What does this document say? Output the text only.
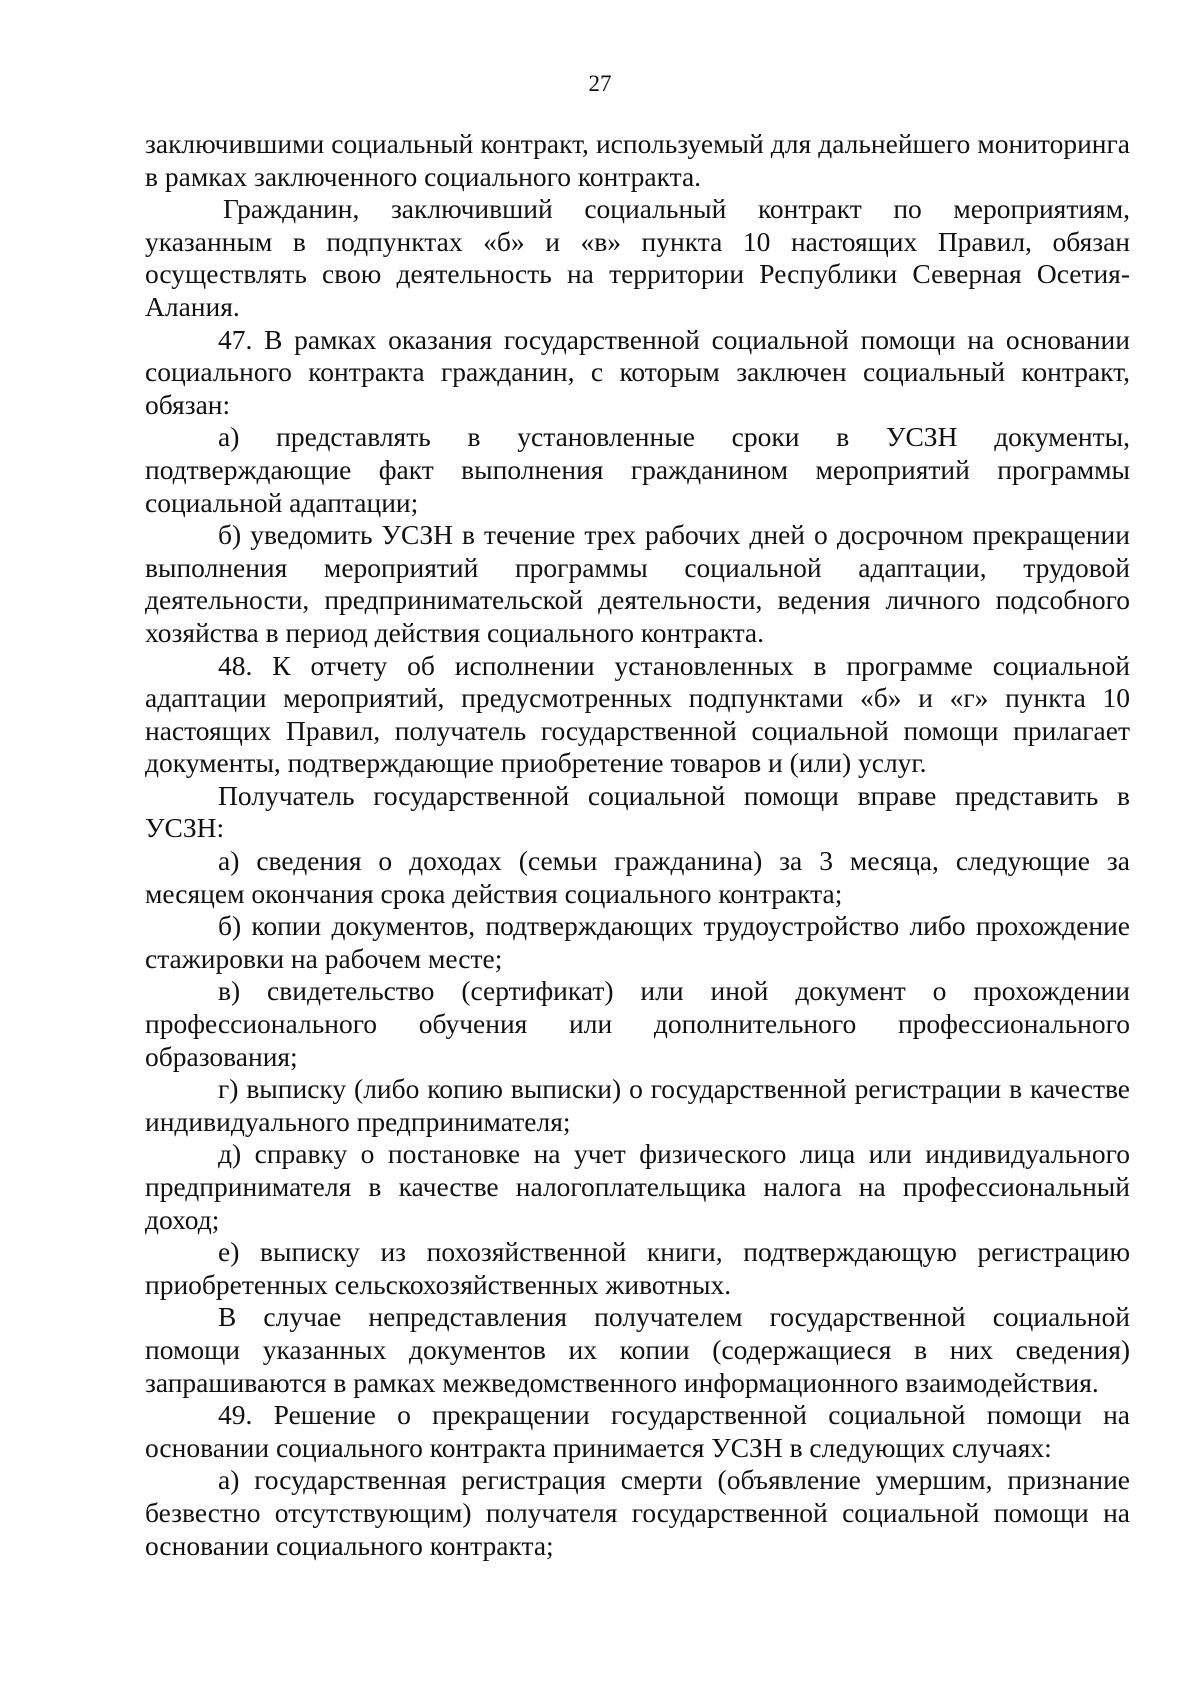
27

заключившими социальный контракт, используемый для дальнейшего мониторинга в рамках заключенного социального контракта.

Гражданин, заключивший социальный контракт по мероприятиям, указанным в подпунктах «б» и «в» пункта 10 настоящих Правил, обязан осуществлять свою деятельность на территории Республики Северная Осетия-Алания.

47. В рамках оказания государственной социальной помощи на основании социального контракта гражданин, с которым заключен социальный контракт, обязан:

а) представлять в установленные сроки в УСЗН документы, подтверждающие факт выполнения гражданином мероприятий программы социальной адаптации;

б) уведомить УСЗН в течение трех рабочих дней о досрочном прекращении выполнения мероприятий программы социальной адаптации, трудовой деятельности, предпринимательской деятельности, ведения личного подсобного хозяйства в период действия социального контракта.

48. К отчету об исполнении установленных в программе социальной адаптации мероприятий, предусмотренных подпунктами «б» и «г» пункта 10 настоящих Правил, получатель государственной социальной помощи прилагает документы, подтверждающие приобретение товаров и (или) услуг.

Получатель государственной социальной помощи вправе представить в УСЗН:

а) сведения о доходах (семьи гражданина) за 3 месяца, следующие за месяцем окончания срока действия социального контракта;

б) копии документов, подтверждающих трудоустройство либо прохождение стажировки на рабочем месте;

в) свидетельство (сертификат) или иной документ о прохождении профессионального обучения или дополнительного профессионального образования;

г) выписку (либо копию выписки) о государственной регистрации в качестве индивидуального предпринимателя;

д) справку о постановке на учет физического лица или индивидуального предпринимателя в качестве налогоплательщика налога на профессиональный доход;

е) выписку из похозяйственной книги, подтверждающую регистрацию приобретенных сельскохозяйственных животных.

В случае непредставления получателем государственной социальной помощи указанных документов их копии (содержащиеся в них сведения) запрашиваются в рамках межведомственного информационного взаимодействия.

49. Решение о прекращении государственной социальной помощи на основании социального контракта принимается УСЗН в следующих случаях:

а) государственная регистрация смерти (объявление умершим, признание безвестно отсутствующим) получателя государственной социальной помощи на основании социального контракта;
